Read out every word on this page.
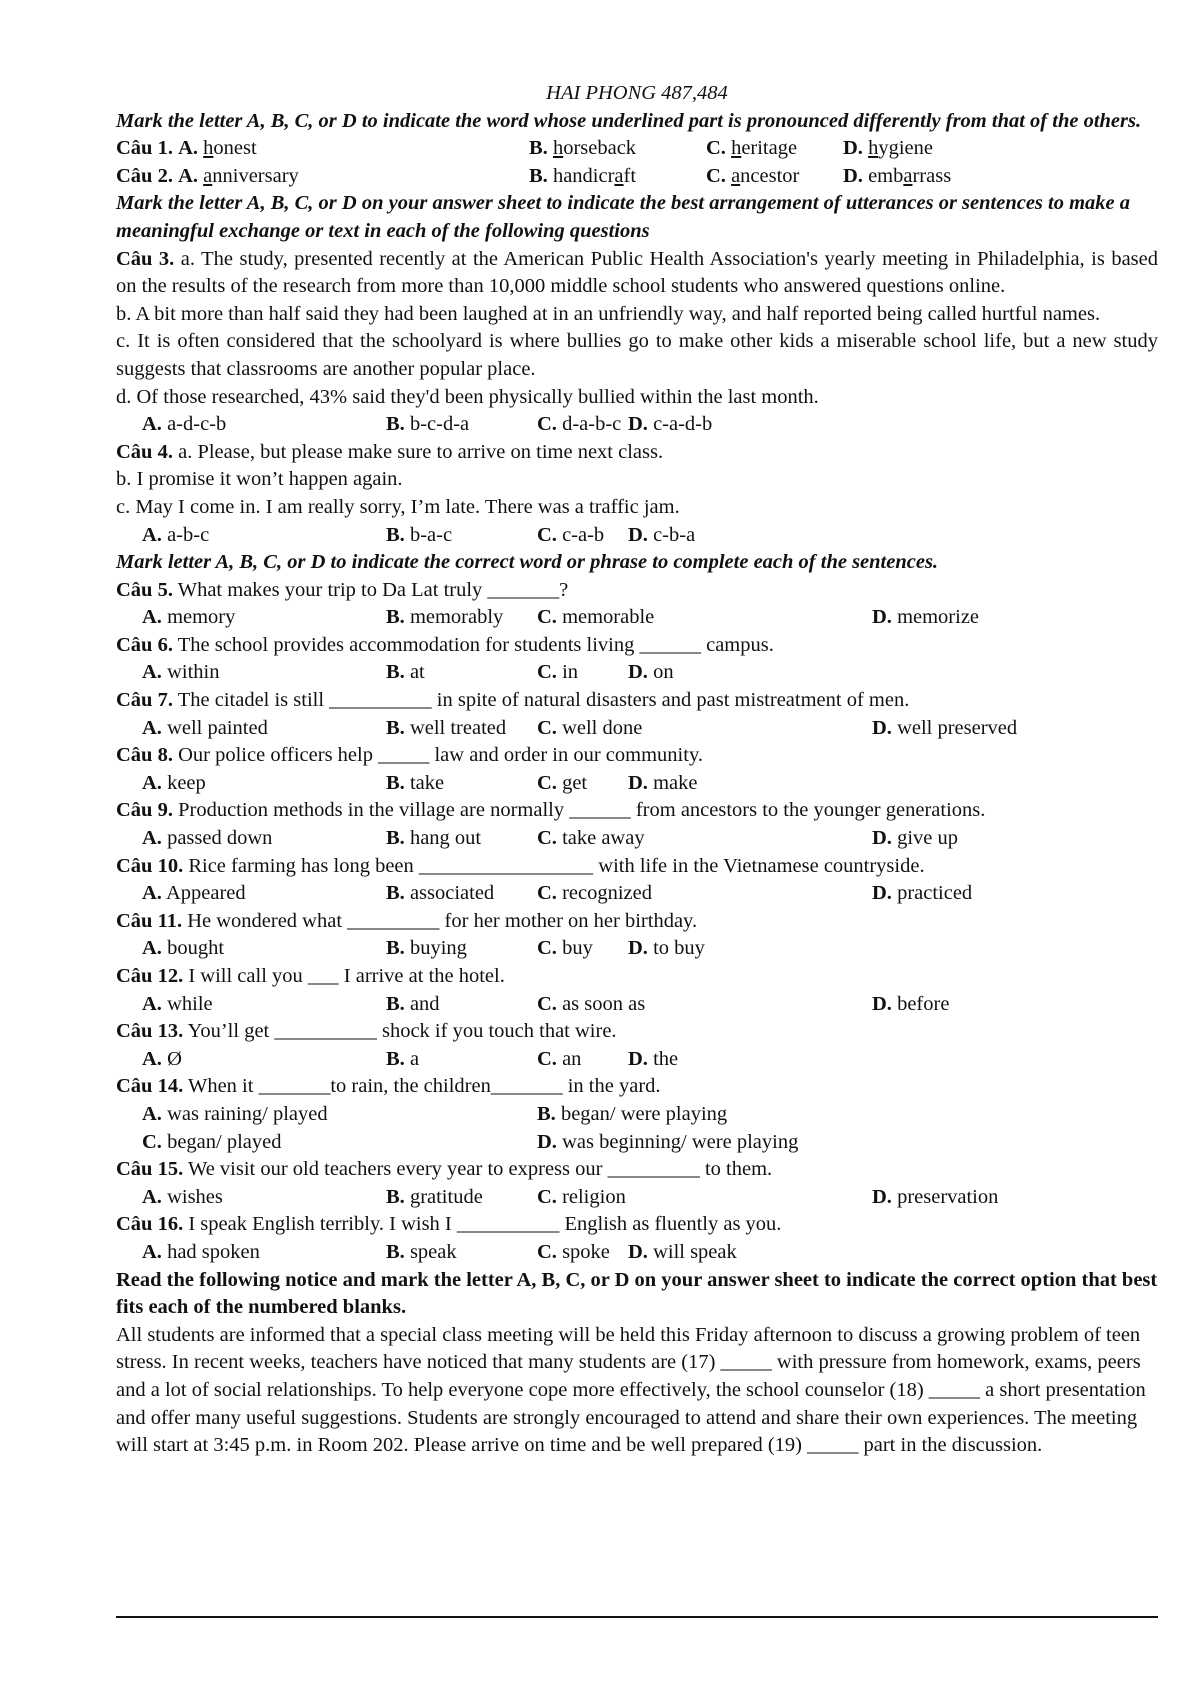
HAI PHONG 487,484

Mark the letter A, B, C, or D to indicate the word whose underlined part is pronounced differently from that of the others.

Câu 1. A. honest	B. horseback	C. heritage D. hygiene
Câu 2. A. anniversary	B. handicraft	C. ancestor D. embarrass

Mark the letter A, B, C, or D on your answer sheet to indicate the best arrangement of utterances or sentences to make a meaningful exchange or text in each of the following questions

Câu 3. a. The study, presented recently at the American Public Health Association's yearly meeting in Philadelphia, is based on the results of the research from more than 10,000 middle school students who answered questions online.

b. A bit more than half said they had been laughed at in an unfriendly way, and half reported being called hurtful names.

c. It is often considered that the schoolyard is where bullies go to make other kids a miserable school life, but a new study suggests that classrooms are another popular place.

d. Of those researched, 43% said they'd been physically bullied within the last month.

A. a-d-c-b	B. b-c-d-a	C. d-a-b-c D. c-a-d-b

Câu 4. a. Please, but please make sure to arrive on time next class.

b. I promise it won’t happen again.

c. May I come in. I am really sorry, I’m late. There was a traffic jam.

A. a-b-c	B. b-a-c	C. c-a-b D. c-b-a

Mark letter A, B, C, or D to indicate the correct word or phrase to complete each of the sentences.

Câu 5. What makes your trip to Da Lat truly _______?

A. memory	B. memorably C. memorable	D. memorize

Câu 6. The school provides accommodation for students living ______ campus.

A. within	B. at	C. in D. on

Câu 7. The citadel is still __________ in spite of natural disasters and past mistreatment of men.

A. well painted	B. well treated C. well done	D. well preserved

Câu 8. Our police officers help _____ law and order in our community.

A. keep	B. take	C. get D. make

Câu 9. Production methods in the village are normally ______ from ancestors to the younger generations.

A. passed down	B. hang out	C. take away	D. give up

Câu 10. Rice farming has long been _________________ with life in the Vietnamese countryside.

A. Appeared	B. associated C. recognized	D. practiced

Câu 11. He wondered what _________ for her mother on her birthday.

A. bought	B. buying	C. buy D. to buy

Câu 12. I will call you ___ I arrive at the hotel.

A. while	B. and	C. as soon as	D. before

Câu 13. You’ll get __________ shock if you touch that wire.

A. Ø	B. a	C. an D. the

Câu 14. When it _______to rain, the children_______ in the yard.

A. was raining/ played	B. began/ were playing
C. began/ played	D. was beginning/ were playing

Câu 15. We visit our old teachers every year to express our _________ to them.

A. wishes	B. gratitude	C. religion	D. preservation

Câu 16. I speak English terribly. I wish I __________ English as fluently as you.

A. had spoken	B. speak	C. spoke D. will speak

Read the following notice and mark the letter A, B, C, or D on your answer sheet to indicate the correct option that best fits each of the numbered blanks.

All students are informed that a special class meeting will be held this Friday afternoon to discuss a growing problem of teen stress. In recent weeks, teachers have noticed that many students are (17) _____ with pressure from homework, exams, peers and a lot of social relationships. To help everyone cope more effectively, the school counselor (18) _____ a short presentation and offer many useful suggestions. Students are strongly encouraged to attend and share their own experiences. The meeting will start at 3:45 p.m. in Room 202. Please arrive on time and be well prepared (19) _____ part in the discussion.
